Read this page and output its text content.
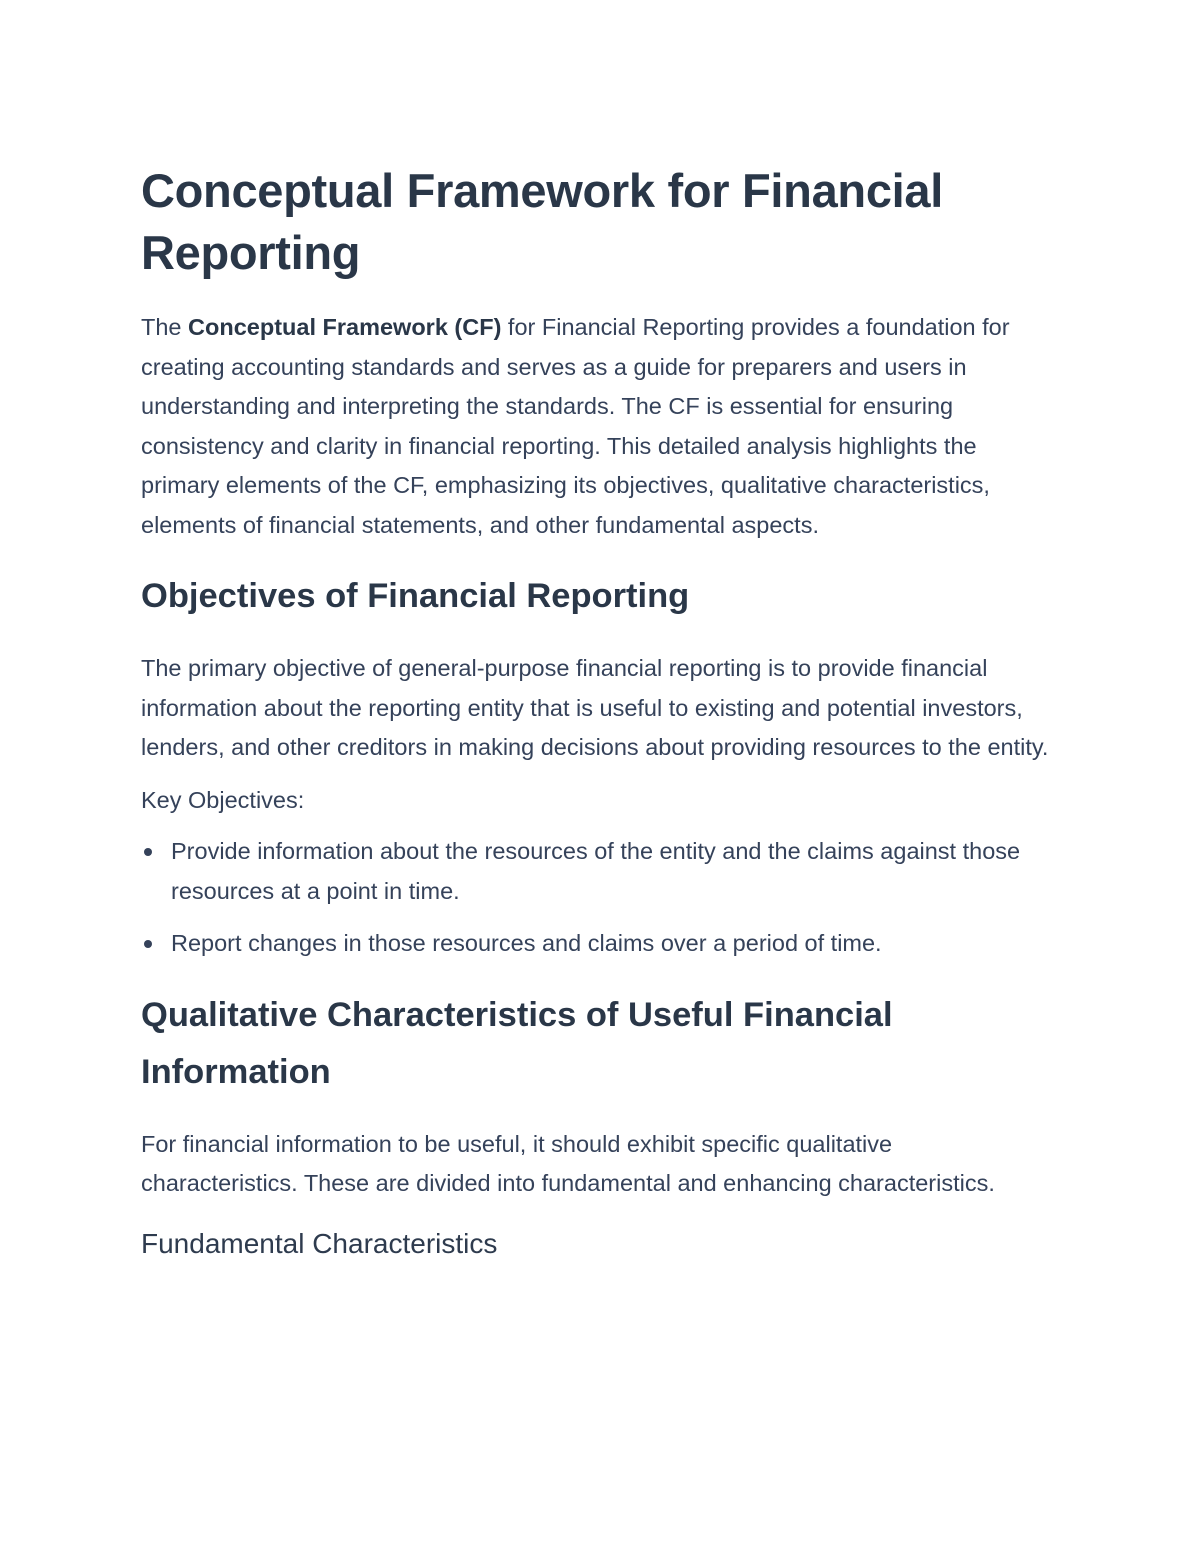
Conceptual Framework for Financial Reporting

The Conceptual Framework (CF) for Financial Reporting provides a foundation for creating accounting standards and serves as a guide for preparers and users in understanding and interpreting the standards. The CF is essential for ensuring consistency and clarity in financial reporting. This detailed analysis highlights the primary elements of the CF, emphasizing its objectives, qualitative characteristics, elements of financial statements, and other fundamental aspects.

Objectives of Financial Reporting

The primary objective of general-purpose financial reporting is to provide financial information about the reporting entity that is useful to existing and potential investors, lenders, and other creditors in making decisions about providing resources to the entity.

Key Objectives:

Provide information about the resources of the entity and the claims against those resources at a point in time.
Report changes in those resources and claims over a period of time.
Qualitative Characteristics of Useful Financial Information

For financial information to be useful, it should exhibit specific qualitative characteristics. These are divided into fundamental and enhancing characteristics.

Fundamental Characteristics
